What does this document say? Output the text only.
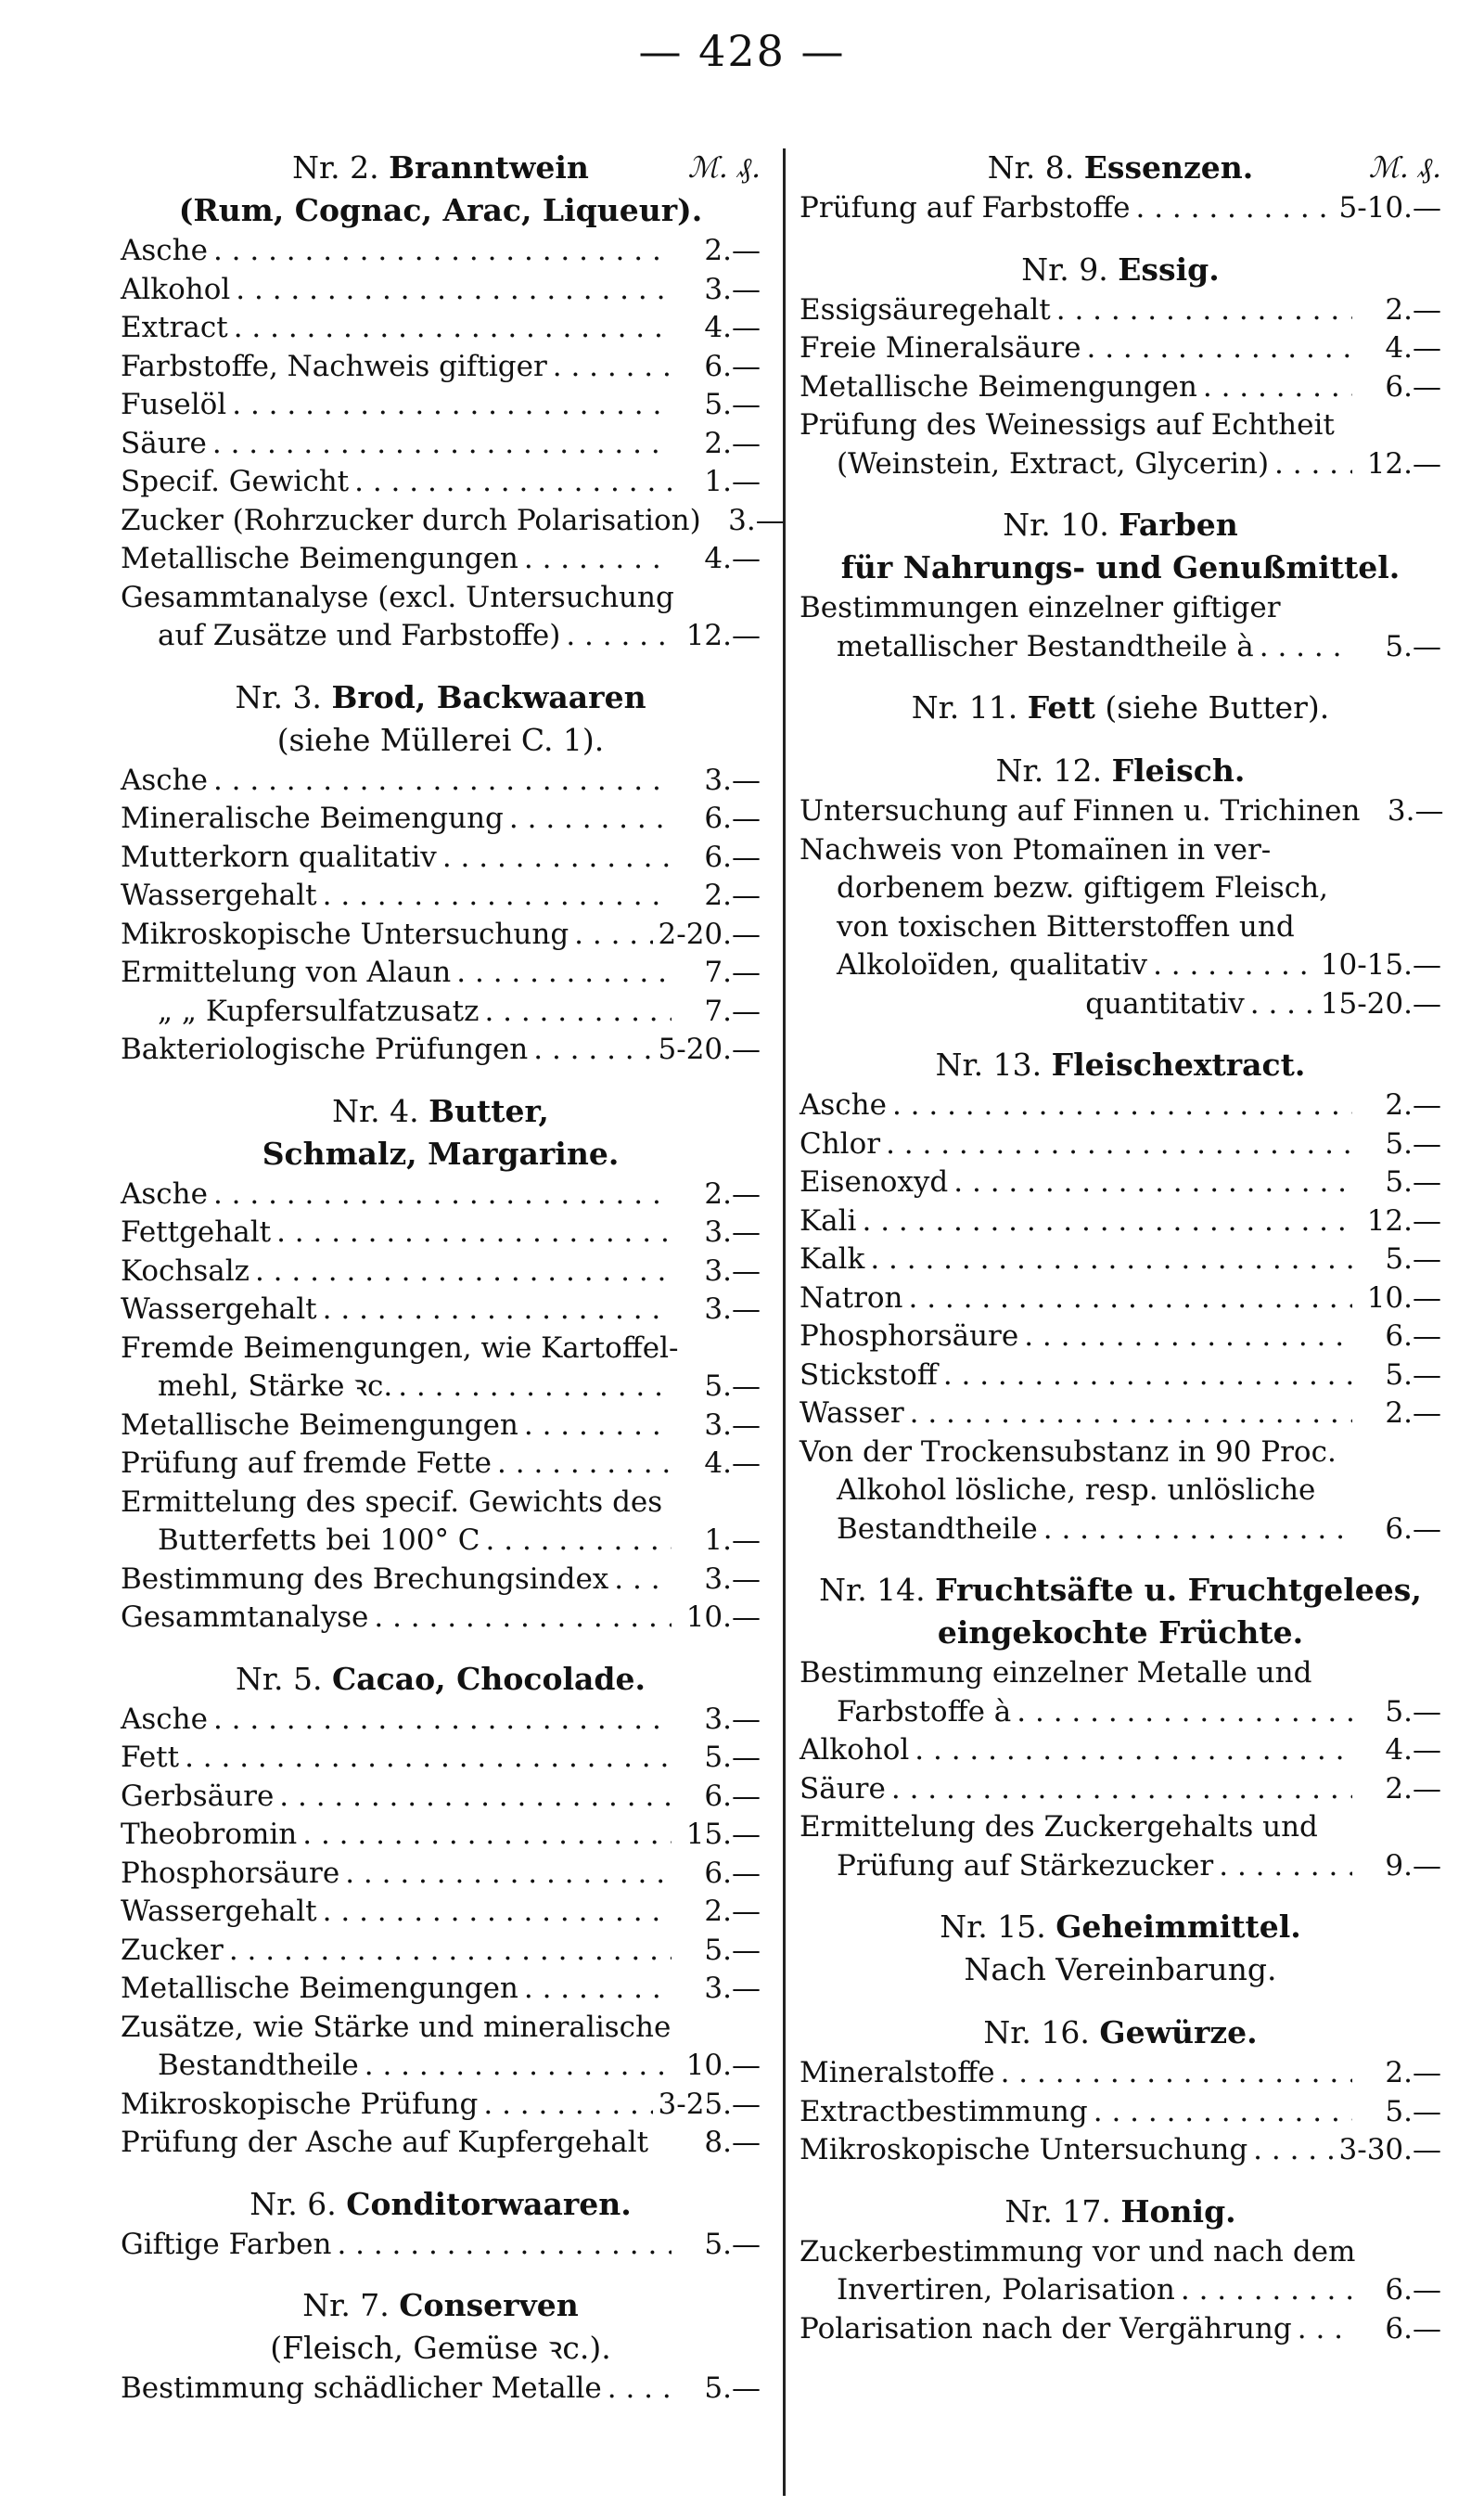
— 428 —
Nr. 2. Branntwein	ℳ. ₰.
(Rum, Cognac, Arac, Liqueur).
Asche . . .	2.—
Alkohol . . .	3.—
Extract . . .	4.—
Farbstoffe, Nachweis giftiger . . .	6.—
Fuselöl . . .	5.—
Säure . . .	2.—
Specif. Gewicht . . .	1.—
Zucker (Rohrzucker durch Polarisation) 3.—
Metallische Beimengungen . . .	4.—
Gesammtanalyse (excl. Untersuchung
auf Zusätze und Farbstoffe) . . .	12.—
Nr. 3. Brod, Backwaaren
(siehe Müllerei C. 1).
Asche . . .	3.—
Mineralische Beimengung . . .	6.—
Mutterkorn qualitativ . . .	6.—
Wassergehalt . . .	2.—
Mikroskopische Untersuchung . . .	2-20.—
Ermittelung von Alaun . . .	7.—
„ „ Kupfersulfatzusatz . . .	7.—
Bakteriologische Prüfungen . . .	5-20.—
Nr. 4. Butter,
Schmalz, Margarine.
Asche . . .	2.—
Fettgehalt . . .	3.—
Kochsalz . . .	3.—
Wassergehalt . . .	3.—
Fremde Beimengungen, wie Kartoffel-
mehl, Stärke ꝛc. . . .	5.—
Metallische Beimengungen . . .	3.—
Prüfung auf fremde Fette . . .	4.—
Ermittelung des specif. Gewichts des
Butterfetts bei 100° C . . .	1.—
Bestimmung des Brechungsindex . . .	3.—
Gesammtanalyse . . .	10.—
Nr. 5. Cacao, Chocolade.
Asche . . .	3.—
Fett . . .	5.—
Gerbsäure . . .	6.—
Theobromin . . .	15.—
Phosphorsäure . . .	6.—
Wassergehalt . . .	2.—
Zucker . . .	5.—
Metallische Beimengungen . . .	3.—
Zusätze, wie Stärke und mineralische
Bestandtheile . . .	10.—
Mikroskopische Prüfung . . .	3-25.—
Prüfung der Asche auf Kupfergehalt	8.—
Nr. 6. Conditorwaaren.
Giftige Farben . . .	5.—
Nr. 7. Conserven
(Fleisch, Gemüse ꝛc.).
Bestimmung schädlicher Metalle . . .	5.—
Nr. 8. Essenzen.	ℳ. ₰.
Prüfung auf Farbstoffe . . .	5-10.—
Nr. 9. Essig.
Essigsäuregehalt . . .	2.—
Freie Mineralsäure . . .	4.—
Metallische Beimengungen . . .	6.—
Prüfung des Weinessigs auf Echtheit
(Weinstein, Extract, Glycerin) . . .	12.—
Nr. 10. Farben
für Nahrungs- und Genußmittel.
Bestimmungen einzelner giftiger
metallischer Bestandtheile à . . .	5.—
Nr. 11. Fett (siehe Butter).
Nr. 12. Fleisch.
Untersuchung auf Finnen u. Trichinen 3.—
Nachweis von Ptomaïnen in ver-
dorbenem bezw. giftigem Fleisch,
von toxischen Bitterstoffen und
Alkoloïden, qualitativ . . .	10-15.—
quantitativ . . .	15-20.—
Nr. 13. Fleischextract.
Asche . . .	2.—
Chlor . . .	5.—
Eisenoxyd . . .	5.—
Kali . . .	12.—
Kalk . . .	5.—
Natron . . .	10.—
Phosphorsäure . . .	6.—
Stickstoff . . .	5.—
Wasser . . .	2.—
Von der Trockensubstanz in 90 Proc.
Alkohol lösliche, resp. unlösliche
Bestandtheile . . .	6.—
Nr. 14. Fruchtsäfte u. Fruchtgelees,
eingekochte Früchte.
Bestimmung einzelner Metalle und
Farbstoffe à . . .	5.—
Alkohol . . .	4.—
Säure . . .	2.—
Ermittelung des Zuckergehalts und
Prüfung auf Stärkezucker . . .	9.—
Nr. 15. Geheimmittel.
Nach Vereinbarung.
Nr. 16. Gewürze.
Mineralstoffe . . .	2.—
Extractbestimmung . . .	5.—
Mikroskopische Untersuchung . . .	3-30.—
Nr. 17. Honig.
Zuckerbestimmung vor und nach dem
Invertiren, Polarisation . . .	6.—
Polarisation nach der Vergährung . . .	6.—
